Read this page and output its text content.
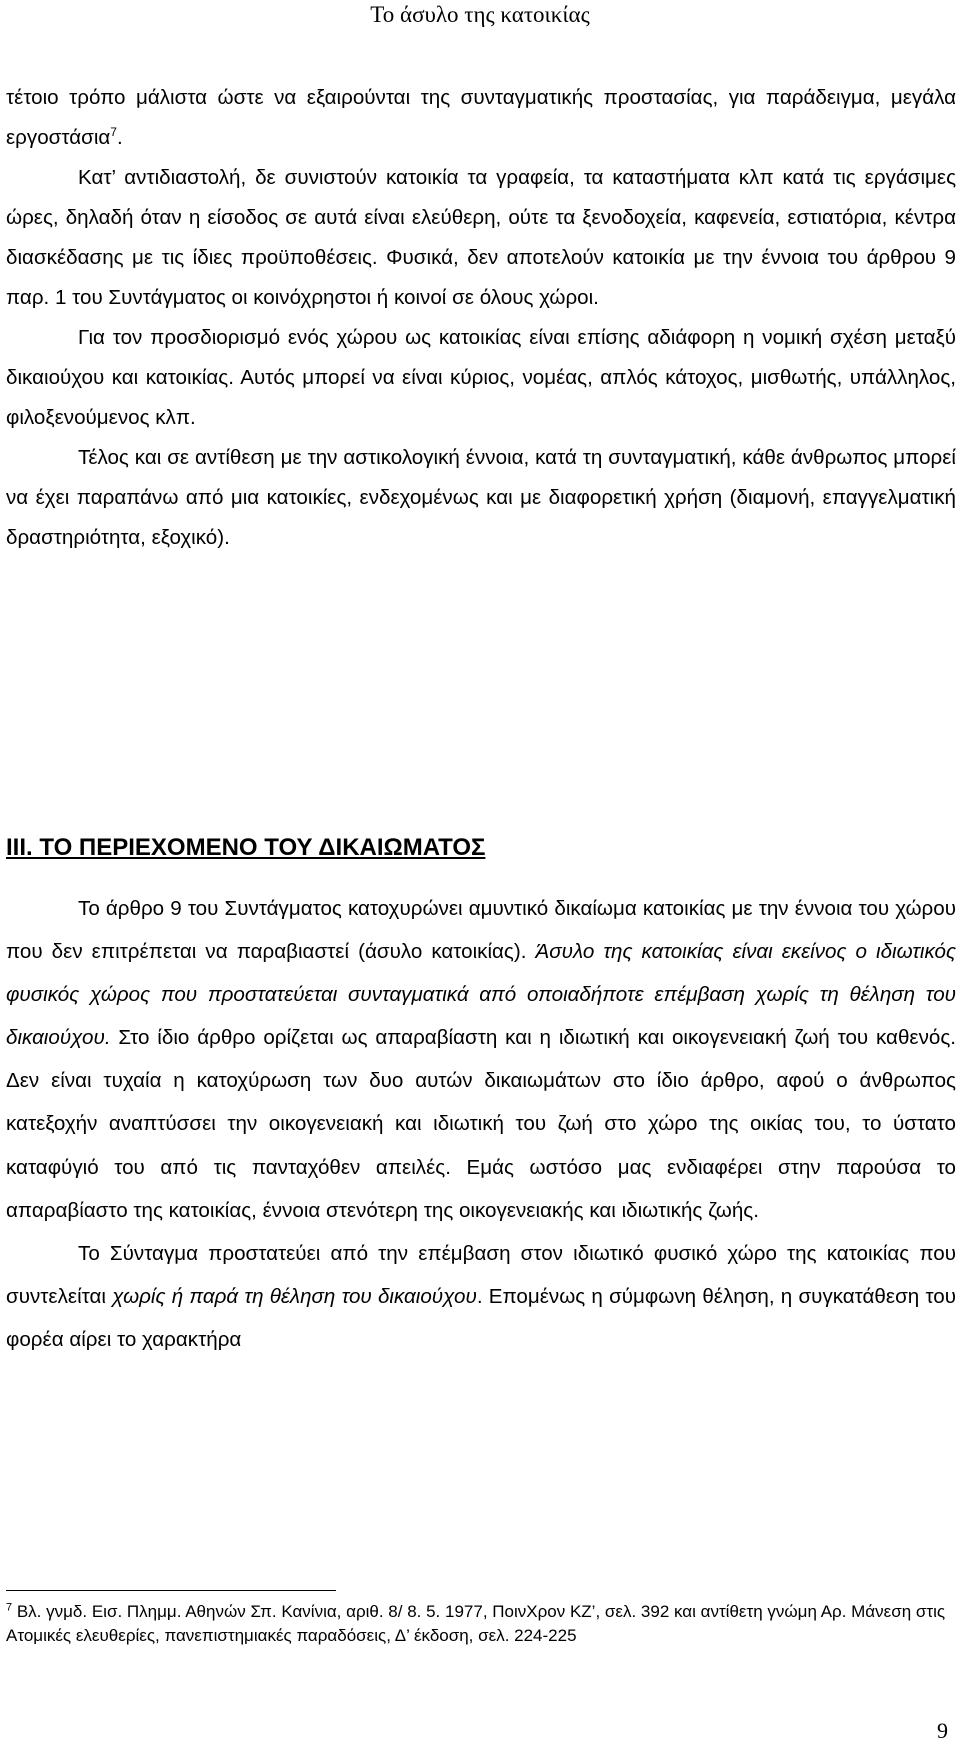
Το άσυλο της κατοικίας

τέτοιο τρόπο μάλιστα ώστε να εξαιρούνται της συνταγματικής προστασίας, για παράδειγμα, μεγάλα εργοστάσια$^7$.

Κατ’ αντιδιαστολή, δε συνιστούν κατοικία τα γραφεία, τα καταστήματα κλπ κατά τις εργάσιμες ώρες, δηλαδή όταν η είσοδος σε αυτά είναι ελεύθερη, ούτε τα ξενοδοχεία, καφενεία, εστιατόρια, κέντρα διασκέδασης με τις ίδιες προϋποθέσεις. Φυσικά, δεν αποτελούν κατοικία με την έννοια του άρθρου 9 παρ. 1 του Συντάγματος οι κοινόχρηστοι ή κοινοί σε όλους χώροι.

Για τον προσδιορισμό ενός χώρου ως κατοικίας είναι επίσης αδιάφορη η νομική σχέση μεταξύ δικαιούχου και κατοικίας. Αυτός μπορεί να είναι κύριος, νομέας, απλός κάτοχος, μισθωτής, υπάλληλος, φιλοξενούμενος κλπ.

Τέλος και σε αντίθεση με την αστικολογική έννοια, κατά τη συνταγματική, κάθε άνθρωπος μπορεί να έχει παραπάνω από μια κατοικίες, ενδεχομένως και με διαφορετική χρήση (διαμονή, επαγγελματική δραστηριότητα, εξοχικό).

III. ΤΟ ΠΕΡΙΕΧΟΜΕΝΟ ΤΟΥ ΔΙΚΑΙΩΜΑΤΟΣ

Το άρθρο 9 του Συντάγματος κατοχυρώνει αμυντικό δικαίωμα κατοικίας με την έννοια του χώρου που δεν επιτρέπεται να παραβιαστεί (άσυλο κατοικίας). Άσυλο της κατοικίας είναι εκείνος ο ιδιωτικός φυσικός χώρος που προστατεύεται συνταγματικά από οποιαδήποτε επέμβαση χωρίς τη θέληση του δικαιούχου. Στο ίδιο άρθρο ορίζεται ως απαραβίαστη και η ιδιωτική και οικογενειακή ζωή του καθενός. Δεν είναι τυχαία η κατοχύρωση των δυο αυτών δικαιωμάτων στο ίδιο άρθρο, αφού ο άνθρωπος κατεξοχήν αναπτύσσει την οικογενειακή και ιδιωτική του ζωή στο χώρο της οικίας του, το ύστατο καταφύγιό του από τις πανταχόθεν απειλές. Εμάς ωστόσο μας ενδιαφέρει στην παρούσα το απαραβίαστο της κατοικίας, έννοια στενότερη της οικογενειακής και ιδιωτικής ζωής.

Το Σύνταγμα προστατεύει από την επέμβαση στον ιδιωτικό φυσικό χώρο της κατοικίας που συντελείται χωρίς ή παρά τη θέληση του δικαιούχου. Επομένως η σύμφωνη θέληση, η συγκατάθεση του φορέα αίρει το χαρακτήρα

$^7$ Βλ. γνμδ. Εισ. Πλημμ. Αθηνών Σπ. Κανίνια, αριθ. 8/ 8. 5. 1977, ΠοινΧρον ΚΖ’, σελ. 392 και αντίθετη γνώμη Αρ. Μάνεση στις Ατομικές ελευθερίες, πανεπιστημιακές παραδόσεις, Δ’ έκδοση, σελ. 224-225

9
